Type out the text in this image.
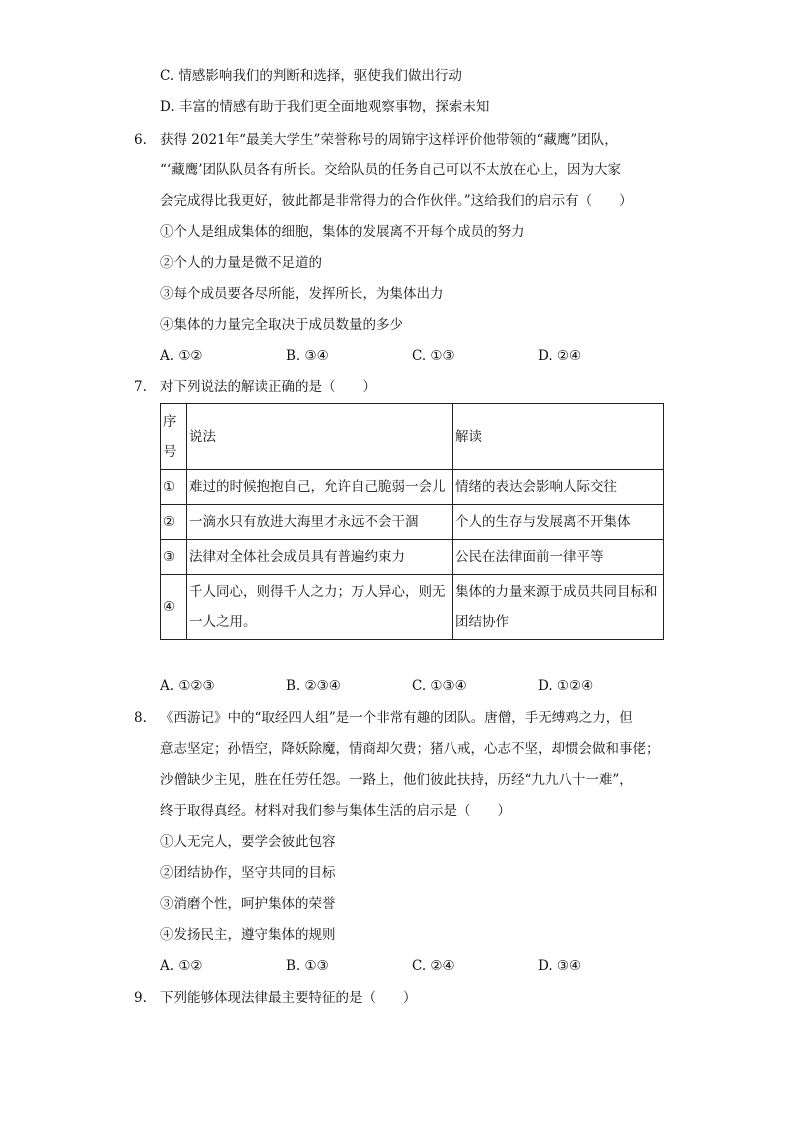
C. 情感影响我们的判断和选择，驱使我们做出行动
D. 丰富的情感有助于我们更全面地观察事物，探索未知
6. 获得 2021年“最美大学生”荣誉称号的周锦宇这样评价他带领的“藏鹰”团队，
“‘藏鹰’团队队员各有所长。交给队员的任务自己可以不太放在心上，因为大家
会完成得比我更好，彼此都是非常得力的合作伙伴。”这给我们的启示有（　　）
①个人是组成集体的细胞，集体的发展离不开每个成员的努力
②个人的力量是微不足道的
③每个成员要各尽所能，发挥所长，为集体出力
④集体的力量完全取决于成员数量的多少
A. ①②	B. ③④	C. ①③	D. ②④
7. 对下列说法的解读正确的是（　　）
序号	说法	解读
①	难过的时候抱抱自己，允许自己脆弱一会儿	情绪的表达会影响人际交往
②	一滴水只有放进大海里才永远不会干涸	个人的生存与发展离不开集体
③	法律对全体社会成员具有普遍约束力	公民在法律面前一律平等
④	千人同心，则得千人之力；万人异心，则无一人之用。	集体的力量来源于成员共同目标和团结协作
A. ①②③	B. ②③④	C. ①③④	D. ①②④
8. 《西游记》中的“取经四人组”是一个非常有趣的团队。唐僧，手无缚鸡之力，但
意志坚定；孙悟空，降妖除魔，情商却欠费；猪八戒，心志不坚，却惯会做和事佬；
沙僧缺少主见，胜在任劳任怨。一路上，他们彼此扶持，历经“九九八十一难”，
终于取得真经。材料对我们参与集体生活的启示是（　　）
①人无完人，要学会彼此包容
②团结协作，坚守共同的目标
③消磨个性，呵护集体的荣誉
④发扬民主，遵守集体的规则
A. ①②	B. ①③	C. ②④	D. ③④
9. 下列能够体现法律最主要特征的是（　　）
